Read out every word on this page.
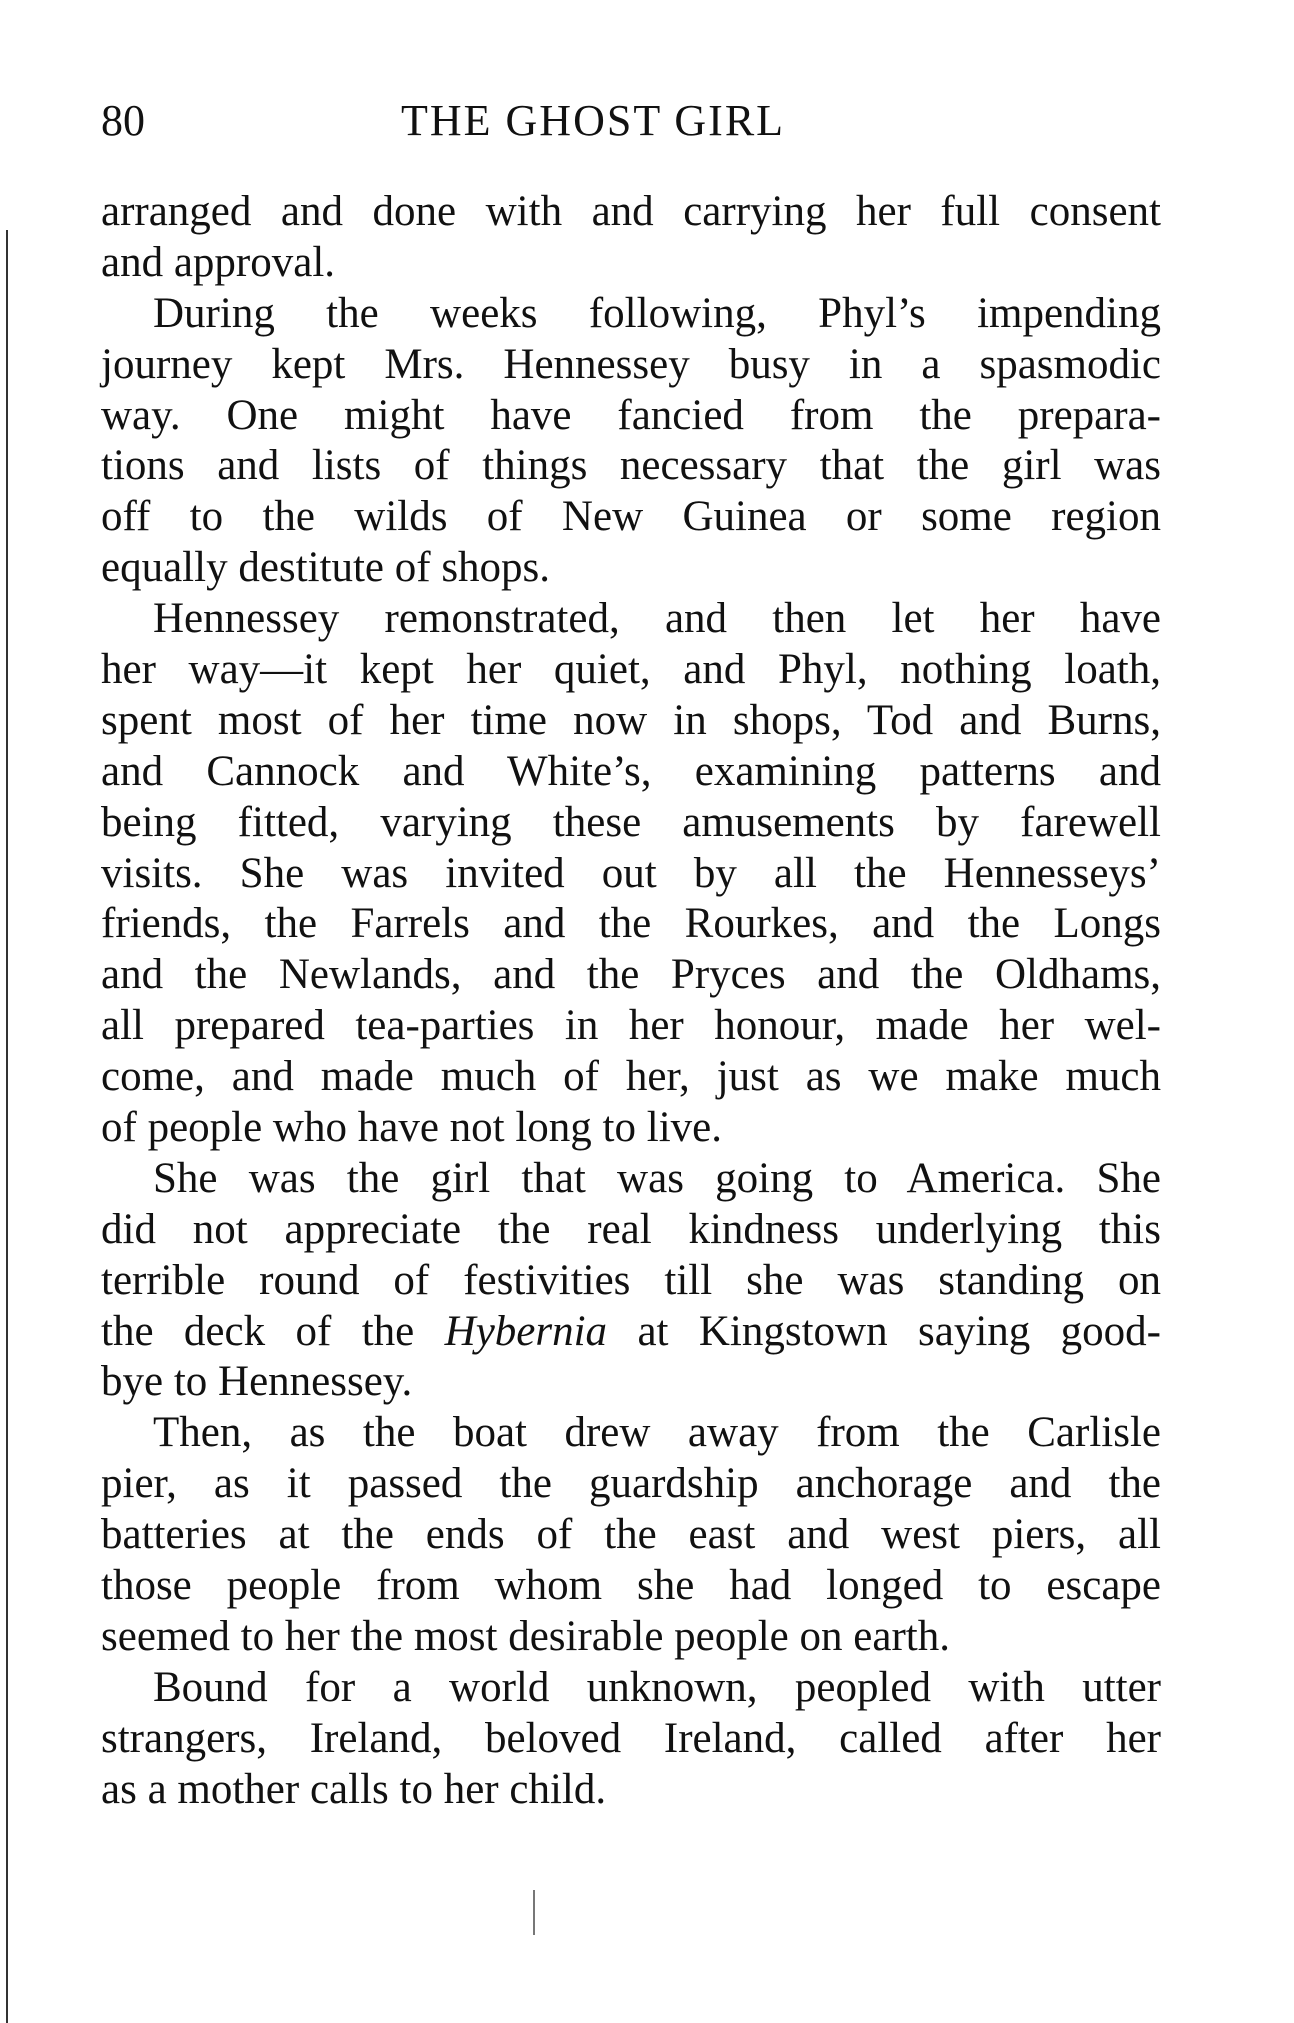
80	THE GHOST GIRL
arranged and done with and carrying her full consent
and approval.
During the weeks following, Phyl’s impending
journey kept Mrs. Hennessey busy in a spasmodic
way. One might have fancied from the prepara-
tions and lists of things necessary that the girl was
off to the wilds of New Guinea or some region
equally destitute of shops.
Hennessey remonstrated, and then let her have
her way—it kept her quiet, and Phyl, nothing loath,
spent most of her time now in shops, Tod and Burns,
and Cannock and White’s, examining patterns and
being fitted, varying these amusements by farewell
visits. She was invited out by all the Hennesseys’
friends, the Farrels and the Rourkes, and the Longs
and the Newlands, and the Pryces and the Oldhams,
all prepared tea-parties in her honour, made her wel-
come, and made much of her, just as we make much
of people who have not long to live.
She was the girl that was going to America. She
did not appreciate the real kindness underlying this
terrible round of festivities till she was standing on
the deck of the Hybernia at Kingstown saying good-
bye to Hennessey.
Then, as the boat drew away from the Carlisle
pier, as it passed the guardship anchorage and the
batteries at the ends of the east and west piers, all
those people from whom she had longed to escape
seemed to her the most desirable people on earth.
Bound for a world unknown, peopled with utter
strangers, Ireland, beloved Ireland, called after her
as a mother calls to her child.
